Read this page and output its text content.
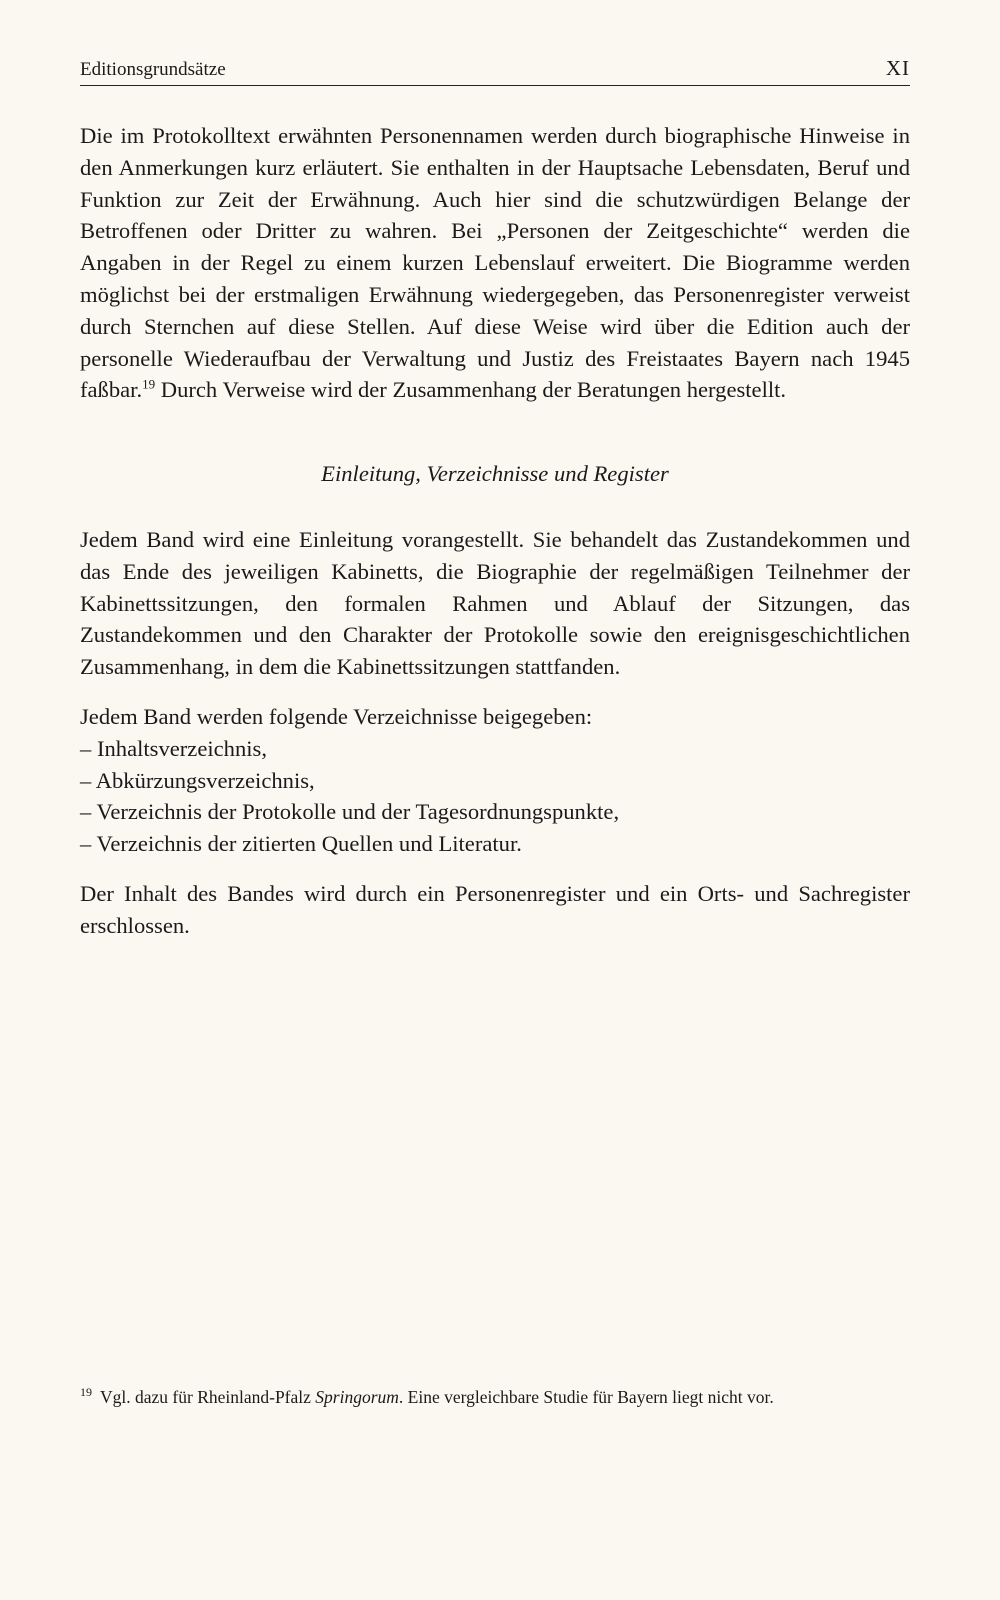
Editionsgrundsätze	XI

Die im Protokolltext erwähnten Personennamen werden durch biographische Hinweise in den Anmerkungen kurz erläutert. Sie enthalten in der Hauptsache Lebensdaten, Beruf und Funktion zur Zeit der Erwähnung. Auch hier sind die schutzwürdigen Belange der Betroffenen oder Dritter zu wahren. Bei „Personen der Zeitgeschichte“ werden die Angaben in der Regel zu einem kurzen Lebenslauf erweitert. Die Biogramme werden möglichst bei der erstmaligen Erwähnung wiedergegeben, das Personenregister verweist durch Sternchen auf diese Stellen. Auf diese Weise wird über die Edition auch der personelle Wiederaufbau der Verwaltung und Justiz des Freistaates Bayern nach 1945 faßbar.$^{19}$ Durch Verweise wird der Zusammenhang der Beratungen hergestellt.

Einleitung, Verzeichnisse und Register

Jedem Band wird eine Einleitung vorangestellt. Sie behandelt das Zustandekommen und das Ende des jeweiligen Kabinetts, die Biographie der regelmäßigen Teilnehmer der Kabinettssitzungen, den formalen Rahmen und Ablauf der Sitzungen, das Zustandekommen und den Charakter der Protokolle sowie den ereignisgeschichtlichen Zusammenhang, in dem die Kabinettssitzungen stattfanden.

Jedem Band werden folgende Verzeichnisse beigegeben:

– Inhaltsverzeichnis,
– Abkürzungsverzeichnis,
– Verzeichnis der Protokolle und der Tagesordnungspunkte,
– Verzeichnis der zitierten Quellen und Literatur.

Der Inhalt des Bandes wird durch ein Personenregister und ein Orts- und Sachregister erschlossen.

$^{19}$ Vgl. dazu für Rheinland-Pfalz Springorum. Eine vergleichbare Studie für Bayern liegt nicht vor.
